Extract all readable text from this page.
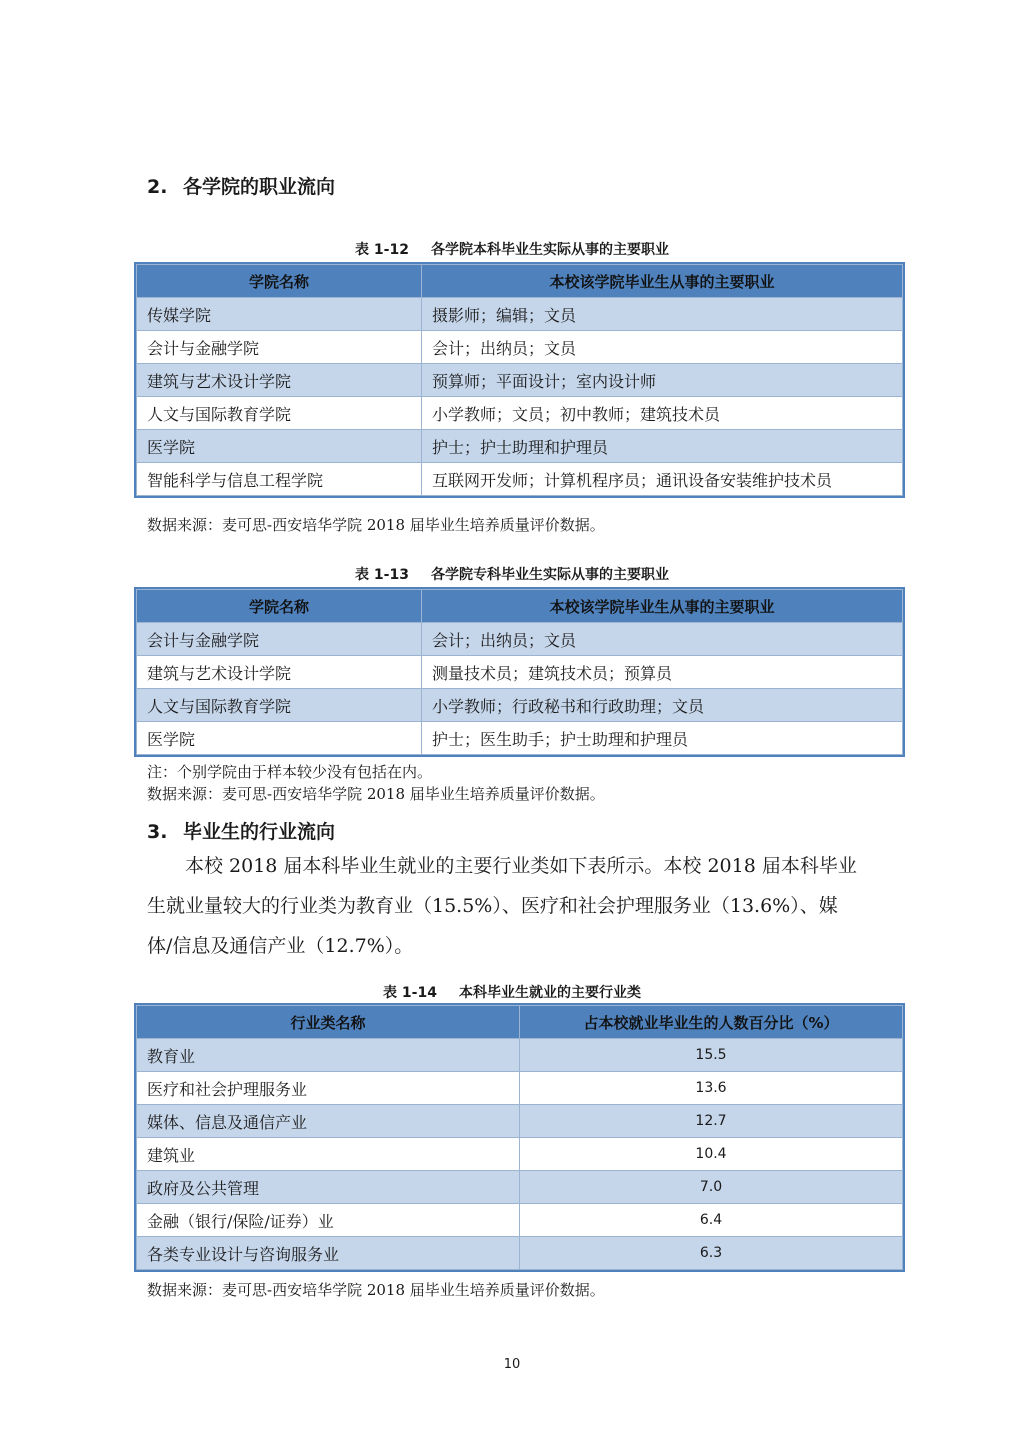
2. 各学院的职业流向
表 1-12 各学院本科毕业生实际从事的主要职业
学院名称	本校该学院毕业生从事的主要职业
传媒学院	摄影师；编辑；文员
会计与金融学院	会计；出纳员；文员
建筑与艺术设计学院	预算师；平面设计；室内设计师
人文与国际教育学院	小学教师；文员；初中教师；建筑技术员
医学院	护士；护士助理和护理员
智能科学与信息工程学院	互联网开发师；计算机程序员；通讯设备安装维护技术员
数据来源：麦可思-西安培华学院 2018 届毕业生培养质量评价数据。
表 1-13 各学院专科毕业生实际从事的主要职业
学院名称	本校该学院毕业生从事的主要职业
会计与金融学院	会计；出纳员；文员
建筑与艺术设计学院	测量技术员；建筑技术员；预算员
人文与国际教育学院	小学教师；行政秘书和行政助理；文员
医学院	护士；医生助手；护士助理和护理员
注：个别学院由于样本较少没有包括在内。
数据来源：麦可思-西安培华学院 2018 届毕业生培养质量评价数据。
3. 毕业生的行业流向
本校 2018 届本科毕业生就业的主要行业类如下表所示。本校 2018 届本科毕业
生就业量较大的行业类为教育业（15.5%）、医疗和社会护理服务业（13.6%）、媒
体/信息及通信产业（12.7%）。
表 1-14 本科毕业生就业的主要行业类
行业类名称	占本校就业毕业生的人数百分比（%）
教育业	15.5
医疗和社会护理服务业	13.6
媒体、信息及通信产业	12.7
建筑业	10.4
政府及公共管理	7.0
金融（银行/保险/证券）业	6.4
各类专业设计与咨询服务业	6.3
数据来源：麦可思-西安培华学院 2018 届毕业生培养质量评价数据。
10
